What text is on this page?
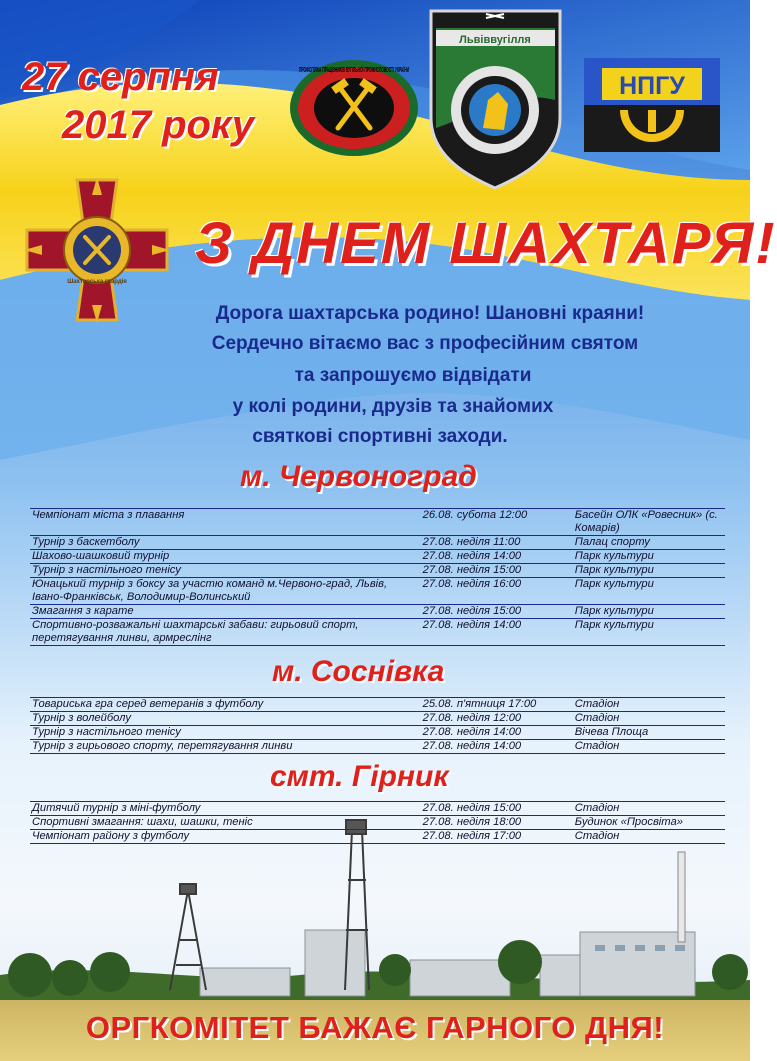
27 серпня
2017 року
ПРОФСПІЛКА ПРАЦІВНИКІВ ВУГІЛЬНОЇ ПРОМИСЛОВОСТІ УКРАЇНИ
Львіввугілля
НПГУ
Шахтарська гвардія
З ДНЕМ ШАХТАРЯ!
Дорога шахтарська родино! Шановні краяни!
Сердечно вітаємо вас з професійним святом
та запрошуємо відвідати
у колі родини, друзів та знайомих
святкові спортивні заходи.
м. Червоноград
Чемпіонат міста з плавання	26.08. субота 12:00	Басейн ОЛК «Ровесник» (с. Комарів)
Турнір з баскетболу	27.08. неділя 11:00	Палац спорту
Шахово-шашковий турнір	27.08. неділя 14:00	Парк культури
Турнір з настільного тенісу	27.08. неділя 15:00	Парк культури
Юнацький турнір з боксу за участю команд м.Червоно-град, Львів, Івано-Франківськ, Володимир-Волинський	27.08. неділя 16:00	Парк культури
Змагання з карате	27.08. неділя 15:00	Парк культури
Спортивно-розважальні шахтарські забави: гирьовий спорт, перетягування линви, армреслінг	27.08. неділя 14:00	Парк культури
м. Соснівка
Товариська гра серед ветеранів з футболу	25.08. п'ятниця 17:00	Стадіон
Турнір з волейболу	27.08. неділя 12:00	Стадіон
Турнір з настільного тенісу	27.08. неділя 14:00	Вічева Площа
Турнір з гирьового спорту, перетягування линви	27.08. неділя 14:00	Стадіон
смт. Гірник
Дитячий турнір з міні-футболу	27.08. неділя 15:00	Стадіон
Спортивні змагання: шахи, шашки, теніс	27.08. неділя 18:00	Будинок «Просвіта»
Чемпіонат району з футболу	27.08. неділя 17:00	Стадіон
ОРГКОМІТЕТ БАЖАЄ ГАРНОГО ДНЯ!
